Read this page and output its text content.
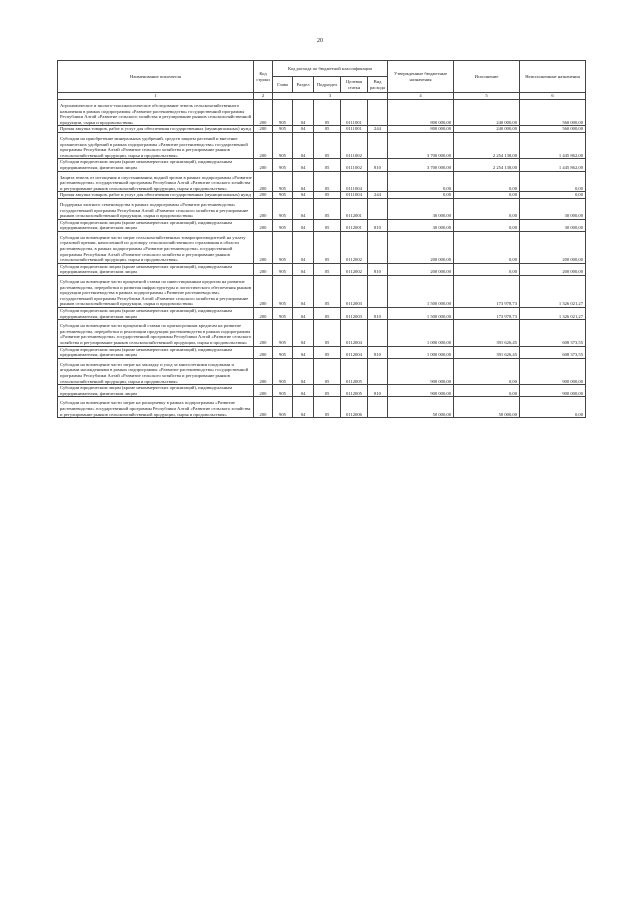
20
Наименование показателя	Код строки	Код расхода по бюджетной классификации					Утвержденные бюджетные назначения	Исполнение	Неисполненные назначения
		Глава	Раздел	Подраздел	Целевая статья	Вид расхода			
1	2	3					4	5	6
Агрохимическое и эколого-токсикологическое обследование земель сельскохозяйственного назначения в рамках подпрограммы «Развитие растениеводства» государственной программы Республики Алтай «Развитие сельского хозяйства и регулирование рынков сельскохозяйственной продукции, сырья и продовольствия»	200	905	04	05	0111001		800 000,00	240 000,00	560 000,00
Прочая закупка товаров, работ и услуг для обеспечения государственных (муниципальных) нужд	200	905	04	05	0111001	244	800 000,00	240 000,00	560 000,00
Субсидии на приобретение минеральных удобрений, средств защиты растений и внесение органических удобрений в рамках подпрограммы «Развитие растениеводства» государственной программы Республики Алтай «Развитие сельского хозяйства и регулирование рынков сельскохозяйственной продукции, сырья и продовольствия»	200	905	04	05	0111002		3 700 000,00	2 254 138,00	1 445 862,00
Субсидии юридическим лицам (кроме некоммерческих организаций), индивидуальным предпринимателям, физическим лицам	200	905	04	05	0111002	810	3 700 000,00	2 254 138,00	1 445 862,00
Защита земель от истощения и опустынивания, водной эрозии в рамках подпрограммы «Развитие растениеводства» государственной программы Республики Алтай «Развитие сельского хозяйства и регулирование рынков сельскохозяйственной продукции, сырья и продовольствия»	200	905	04	05	0111004		0,00	0,00	0,00
Прочая закупка товаров, работ и услуг для обеспечения государственных (муниципальных) нужд	200	905	04	05	0111004	244	0,00	0,00	0,00
Поддержка элитного семеноводства в рамках подпрограммы «Развитие растениеводства» государственной программы Республики Алтай «Развитие сельского хозяйства и регулирование рынков сельскохозяйственной продукции, сырья и продовольствия»	200	905	04	05	0112001		30 000,00	0,00	30 000,00
Субсидии юридическим лицам (кроме некоммерческих организаций), индивидуальным предпринимателям, физическим лицам	200	905	04	05	0112001	810	30 000,00	0,00	30 000,00
Субсидии на возмещение части затрат сельскохозяйственных товаропроизводителей на уплату страховой премии, начисленной по договору сельскохозяйственного страхования в области растениеводства, в рамках подпрограммы «Развитие растениеводства» государственной программы Республики Алтай «Развитие сельского хозяйства и регулирование рынков сельскохозяйственной продукции, сырья и продовольствия»	200	905	04	05	0112002		200 000,00	0,00	200 000,00
Субсидии юридическим лицам (кроме некоммерческих организаций), индивидуальным предпринимателям, физическим лицам	200	905	04	05	0112002	810	200 000,00	0,00	200 000,00
Субсидии на возмещение части процентной ставки по инвестиционным кредитам на развитие растениеводства, переработки и развития инфраструктуры и логистического обеспечения рынков продукции растениеводства в рамках подпрограммы «Развитие растениеводства» государственной программы Республики Алтай «Развитие сельского хозяйства и регулирование рынков сельскохозяйственной продукции, сырья и продовольствия»	200	905	04	05	0112003		1 500 000,00	173 978,73	1 326 021,27
Субсидии юридическим лицам (кроме некоммерческих организаций), индивидуальным предпринимателям, физическим лицам	200	905	04	05	0112003	810	1 500 000,00	173 978,73	1 326 021,27
Субсидии на возмещение части процентной ставки по краткосрочным кредитам на развитие растениеводства, переработки и реализации продукции растениеводства в рамках подпрограммы «Развитие растениеводства» государственной программы Республики Алтай «Развитие сельского хозяйства и регулирование рынков сельскохозяйственной продукции, сырья и продовольствия»	200	905	04	05	0112004		1 000 000,00	391 626,45	608 373,55
Субсидии юридическим лицам (кроме некоммерческих организаций), индивидуальным предпринимателям, физическим лицам	200	905	04	05	0112004	810	1 000 000,00	391 626,45	608 373,55
Субсидии на возмещение части затрат на закладку и уход за многолетними плодовыми и ягодными насаждениями в рамках подпрограммы «Развитие растениеводства» государственной программы Республики Алтай «Развитие сельского хозяйства и регулирование рынков сельскохозяйственной продукции, сырья и продовольствия»	200	905	04	05	0112005		900 000,00	0,00	900 000,00
Субсидии юридическим лицам (кроме некоммерческих организаций), индивидуальным предпринимателям, физическим лицам	200	905	04	05	0112005	810	900 000,00	0,00	900 000,00
Субсидии на возмещение части затрат на раскорчевку в рамках подпрограммы «Развитие растениеводства» государственной программы Республики Алтай «Развитие сельского хозяйства и регулирование рынков сельскохозяйственной продукции, сырья и продовольствия»	200	905	04	05	0112006		50 000,00	50 000,00	0,00
